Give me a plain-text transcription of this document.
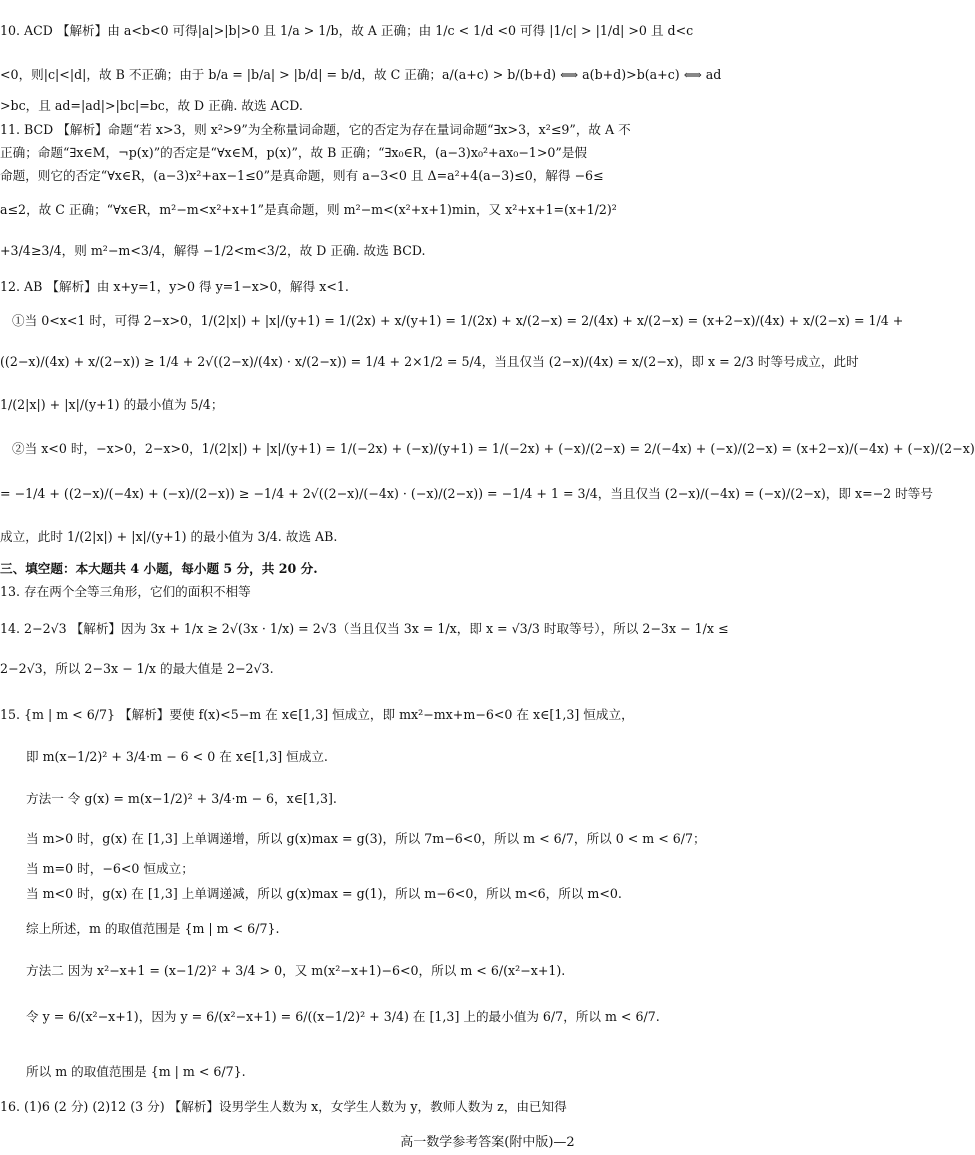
10. ACD 【解析】由 a<b<0 可得|a|>|b|>0 且 1/a > 1/b，故 A 正确；由 1/c < 1/d <0 可得 |1/c| > |1/d| >0 且 d<c
<0，则|c|<|d|，故 B 不正确；由于 b/a = |b/a| > |b/d| = b/d，故 C 正确；a/(a+c) > b/(b+d) ⟺ a(b+d)>b(a+c) ⟺ ad
>bc，且 ad=|ad|>|bc|=bc，故 D 正确. 故选 ACD.
11. BCD 【解析】命题“若 x>3，则 x²>9”为全称量词命题，它的否定为存在量词命题“∃x>3，x²≤9”，故 A 不
正确；命题“∃x∈M，¬p(x)”的否定是“∀x∈M，p(x)”，故 B 正确；“∃x₀∈R，(a−3)x₀²+ax₀−1>0”是假
命题，则它的否定“∀x∈R，(a−3)x²+ax−1≤0”是真命题，则有 a−3<0 且 Δ=a²+4(a−3)≤0，解得 −6≤
a≤2，故 C 正确；“∀x∈R，m²−m<x²+x+1”是真命题，则 m²−m<(x²+x+1)min，又 x²+x+1=(x+1/2)²
+3/4≥3/4，则 m²−m<3/4，解得 −1/2<m<3/2，故 D 正确. 故选 BCD.
12. AB 【解析】由 x+y=1，y>0 得 y=1−x>0，解得 x<1.
①当 0<x<1 时，可得 2−x>0，1/(2|x|) + |x|/(y+1) = 1/(2x) + x/(y+1) = 1/(2x) + x/(2−x) = 2/(4x) + x/(2−x) = (x+2−x)/(4x) + x/(2−x) = 1/4 +
((2−x)/(4x) + x/(2−x)) ≥ 1/4 + 2√((2−x)/(4x) · x/(2−x)) = 1/4 + 2×1/2 = 5/4，当且仅当 (2−x)/(4x) = x/(2−x)，即 x = 2/3 时等号成立，此时
1/(2|x|) + |x|/(y+1) 的最小值为 5/4；
②当 x<0 时，−x>0，2−x>0，1/(2|x|) + |x|/(y+1) = 1/(−2x) + (−x)/(y+1) = 1/(−2x) + (−x)/(2−x) = 2/(−4x) + (−x)/(2−x) = (x+2−x)/(−4x) + (−x)/(2−x)
= −1/4 + ((2−x)/(−4x) + (−x)/(2−x)) ≥ −1/4 + 2√((2−x)/(−4x) · (−x)/(2−x)) = −1/4 + 1 = 3/4，当且仅当 (2−x)/(−4x) = (−x)/(2−x)，即 x=−2 时等号
成立，此时 1/(2|x|) + |x|/(y+1) 的最小值为 3/4. 故选 AB.
三、填空题：本大题共 4 小题，每小题 5 分，共 20 分.
13. 存在两个全等三角形，它们的面积不相等
14. 2−2√3 【解析】因为 3x + 1/x ≥ 2√(3x · 1/x) = 2√3（当且仅当 3x = 1/x，即 x = √3/3 时取等号），所以 2−3x − 1/x ≤
2−2√3，所以 2−3x − 1/x 的最大值是 2−2√3.
15. {m | m < 6/7} 【解析】要使 f(x)<5−m 在 x∈[1,3] 恒成立，即 mx²−mx+m−6<0 在 x∈[1,3] 恒成立，
即 m(x−1/2)² + 3/4·m − 6 < 0 在 x∈[1,3] 恒成立.
方法一 令 g(x) = m(x−1/2)² + 3/4·m − 6，x∈[1,3].
当 m>0 时，g(x) 在 [1,3] 上单调递增，所以 g(x)max = g(3)，所以 7m−6<0，所以 m < 6/7，所以 0 < m < 6/7；
当 m=0 时，−6<0 恒成立；
当 m<0 时，g(x) 在 [1,3] 上单调递减，所以 g(x)max = g(1)，所以 m−6<0，所以 m<6，所以 m<0.
综上所述，m 的取值范围是 {m | m < 6/7}.
方法二 因为 x²−x+1 = (x−1/2)² + 3/4 > 0，又 m(x²−x+1)−6<0，所以 m < 6/(x²−x+1).
令 y = 6/(x²−x+1)，因为 y = 6/(x²−x+1) = 6/((x−1/2)² + 3/4) 在 [1,3] 上的最小值为 6/7，所以 m < 6/7.
所以 m 的取值范围是 {m | m < 6/7}.
16. (1)6 (2 分) (2)12 (3 分) 【解析】设男学生人数为 x，女学生人数为 y，教师人数为 z，由已知得
高一数学参考答案(附中版)—2
